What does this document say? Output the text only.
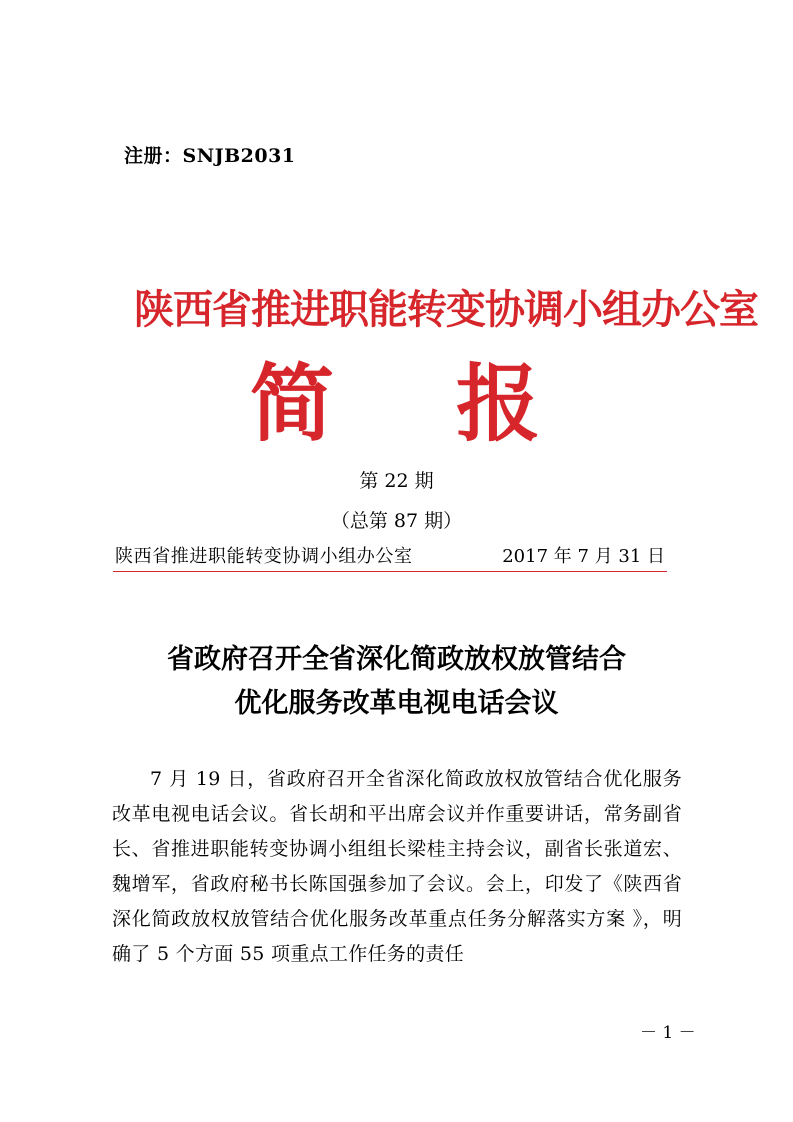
注册：SNJB2031
陕西省推进职能转变协调小组办公室
简 报
第 22 期
（总第 87 期）
陕西省推进职能转变协调小组办公室	2017 年 7 月 31 日
省政府召开全省深化简政放权放管结合
优化服务改革电视电话会议
7 月 19 日，省政府召开全省深化简政放权放管结合优化服务改革电视电话会议。省长胡和平出席会议并作重要讲话，常务副省长、省推进职能转变协调小组组长梁桂主持会议，副省长张道宏、魏增军，省政府秘书长陈国强参加了会议。会上，印发了《陕西省深化简政放权放管结合优化服务改革重点任务分解落实方案 》，明确了 5 个方面 55 项重点工作任务的责任
－ 1 －
